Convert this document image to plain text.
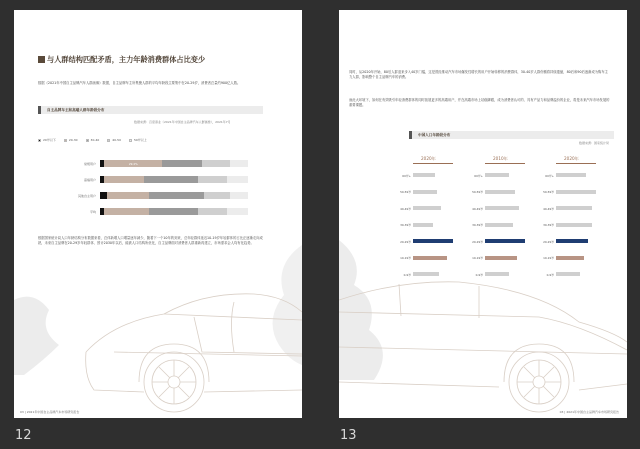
与人群结构匹配矛盾，主力年龄消费群体占比变少
数据《2021年中国自主品牌汽车人群画像》数据，自主品牌车主所集聚人群的平均年龄段主要集中在20-29岁，消费者总量约900亿人数。
自主品牌车主和高端人群年龄段分布
数据来源：百度商业《2021年中国自主品牌汽车人群画像》，2021年7月
20岁以下	20-30	30-40	40-50	50岁以上
常规用户	29.4%
高端用户
其他自主用户
平均
根据国家统计局人口年龄结构分布数据来看，总体新增人口增量逐年减少，随着下一个10年的到来，总年轻群体延迟10-19岁年轻群体的占比正逐渐走向成熟，未来自主品牌在20-29岁年轻群体、预计2030年以后，能被人口结构所优化，自主品牌面对消费者人群重新再建立，市场需求会人均有化趋势。
03 | 2021年中国自主品牌汽车市场研究报告
同时，从2020年开始，80后人群迎来步入40岁门槛，这是曾经推动汽车市场爆发性增长的用户开始转移的消费群体，30-40岁人群份额将持续萎缩，80后和90后逐渐成为购车主力人群，影响整个自主品牌汽车的消费。
而此大环境下，如何在有效吸引年轻消费群体的同时拓展更多的高端用户，并在高端市场上站稳脚跟，成为消费者认可的、具有产品力和品牌溢价的企业，将是未来汽车市场发展的重要课题。
中国人口年龄段分布
数据来源：国家统计局
2020年
60岁+
50-59岁
40-49岁
30-39岁
20-29岁
10-19岁
0-9岁
2010年
60岁+
50-59岁
40-49岁
30-39岁
20-29岁
10-19岁
0-9岁
2020年
60岁+
50-59岁
40-49岁
30-39岁
20-29岁
10-19岁
0-9岁
03 | 2021年中国自主品牌汽车市场研究报告
12	13
